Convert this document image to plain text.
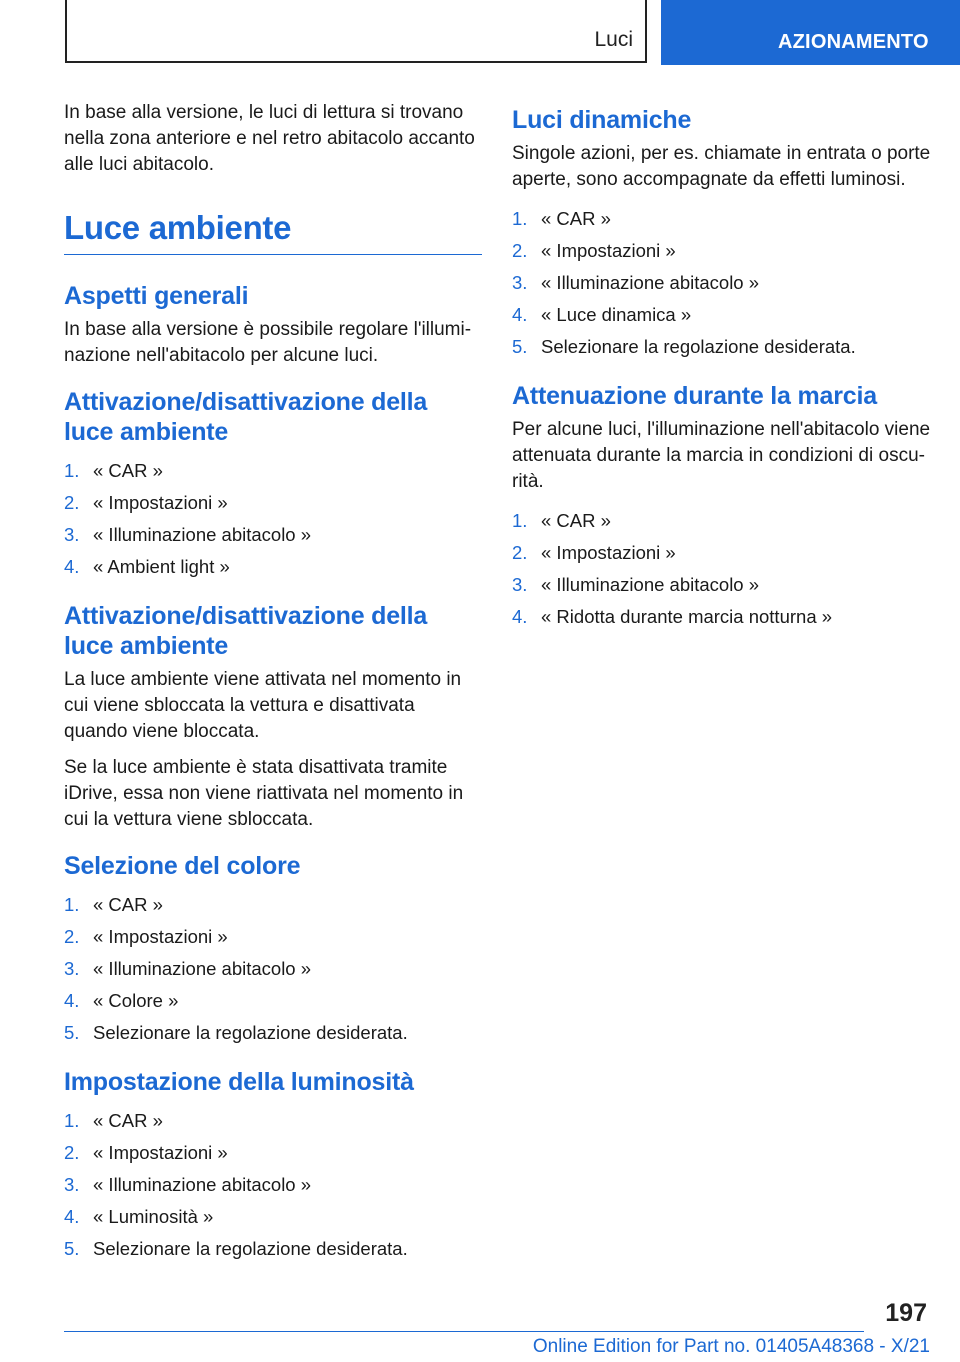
Luci	AZIONAMENTO

In base alla versione, le luci di lettura si trovano nella zona anteriore e nel retro abitacolo accanto alle luci abitacolo.

Luce ambiente
Aspetti generali

In base alla versione è possibile regolare l'illumi-nazione nell'abitacolo per alcune luci.

Attivazione/disattivazione della luce ambiente
1. « CAR »
2. « Impostazioni »
3. « Illuminazione abitacolo »
4. « Ambient light »
Attivazione/disattivazione della luce ambiente

La luce ambiente viene attivata nel momento in cui viene sbloccata la vettura e disattivata quando viene bloccata.

Se la luce ambiente è stata disattivata tramite iDrive, essa non viene riattivata nel momento in cui la vettura viene sbloccata.

Selezione del colore
1. « CAR »
2. « Impostazioni »
3. « Illuminazione abitacolo »
4. « Colore »
5. Selezionare la regolazione desiderata.
Impostazione della luminosità
1. « CAR »
2. « Impostazioni »
3. « Illuminazione abitacolo »
4. « Luminosità »
5. Selezionare la regolazione desiderata.
Luci dinamiche

Singole azioni, per es. chiamate in entrata o porte aperte, sono accompagnate da effetti luminosi.

1. « CAR »
2. « Impostazioni »
3. « Illuminazione abitacolo »
4. « Luce dinamica »
5. Selezionare la regolazione desiderata.
Attenuazione durante la marcia

Per alcune luci, l'illuminazione nell'abitacolo viene attenuata durante la marcia in condizioni di oscu-rità.

1. « CAR »
2. « Impostazioni »
3. « Illuminazione abitacolo »
4. « Ridotta durante marcia notturna »
197
Online Edition for Part no. 01405A48368 - X/21
